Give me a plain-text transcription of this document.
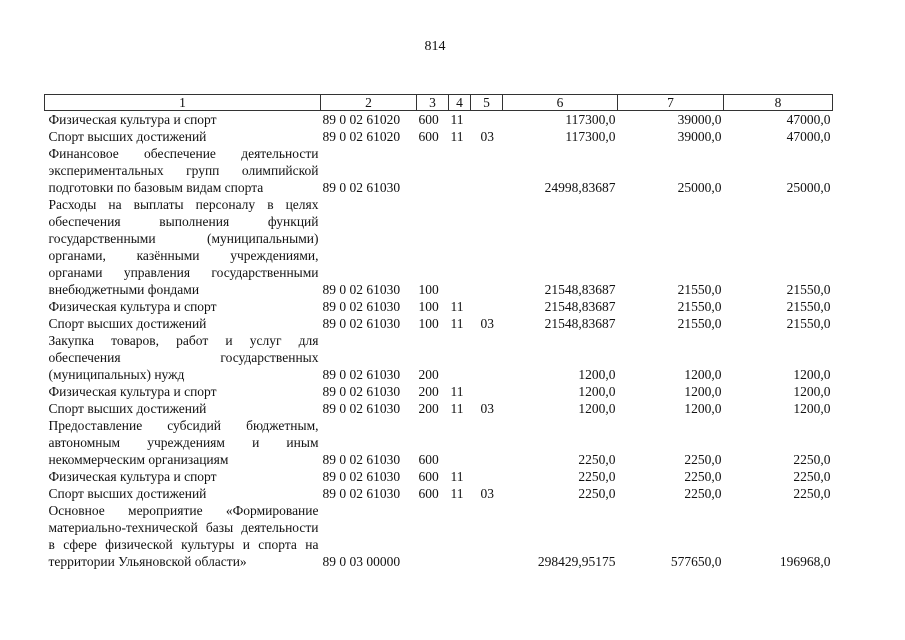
814
1	2	3	4	5	6	7	8
Физическая культура и спорт	89 0 02 61020	600	11		117300,0	39000,0	47000,0
Спорт высших достижений	89 0 02 61020	600	11	03	117300,0	39000,0	47000,0
Финансовое обеспечение деятельности экспериментальных групп олимпийской подготовки по базовым видам спорта	89 0 02 61030				24998,83687	25000,0	25000,0
Расходы на выплаты персоналу в целях обеспечения выполнения функций государственными (муниципальными) органами, казёнными учреждениями, органами управления государственными внебюджетными фондами	89 0 02 61030	100			21548,83687	21550,0	21550,0
Физическая культура и спорт	89 0 02 61030	100	11		21548,83687	21550,0	21550,0
Спорт высших достижений	89 0 02 61030	100	11	03	21548,83687	21550,0	21550,0
Закупка товаров, работ и услуг для обеспечения государственных (муниципальных) нужд	89 0 02 61030	200			1200,0	1200,0	1200,0
Физическая культура и спорт	89 0 02 61030	200	11		1200,0	1200,0	1200,0
Спорт высших достижений	89 0 02 61030	200	11	03	1200,0	1200,0	1200,0
Предоставление субсидий бюджетным, автономным учреждениям и иным некоммерческим организациям	89 0 02 61030	600			2250,0	2250,0	2250,0
Физическая культура и спорт	89 0 02 61030	600	11		2250,0	2250,0	2250,0
Спорт высших достижений	89 0 02 61030	600	11	03	2250,0	2250,0	2250,0
Основное мероприятие «Формирование материально-технической базы деятельности в сфере физической культуры и спорта на территории Ульяновской области»	89 0 03 00000				298429,95175	577650,0	196968,0
